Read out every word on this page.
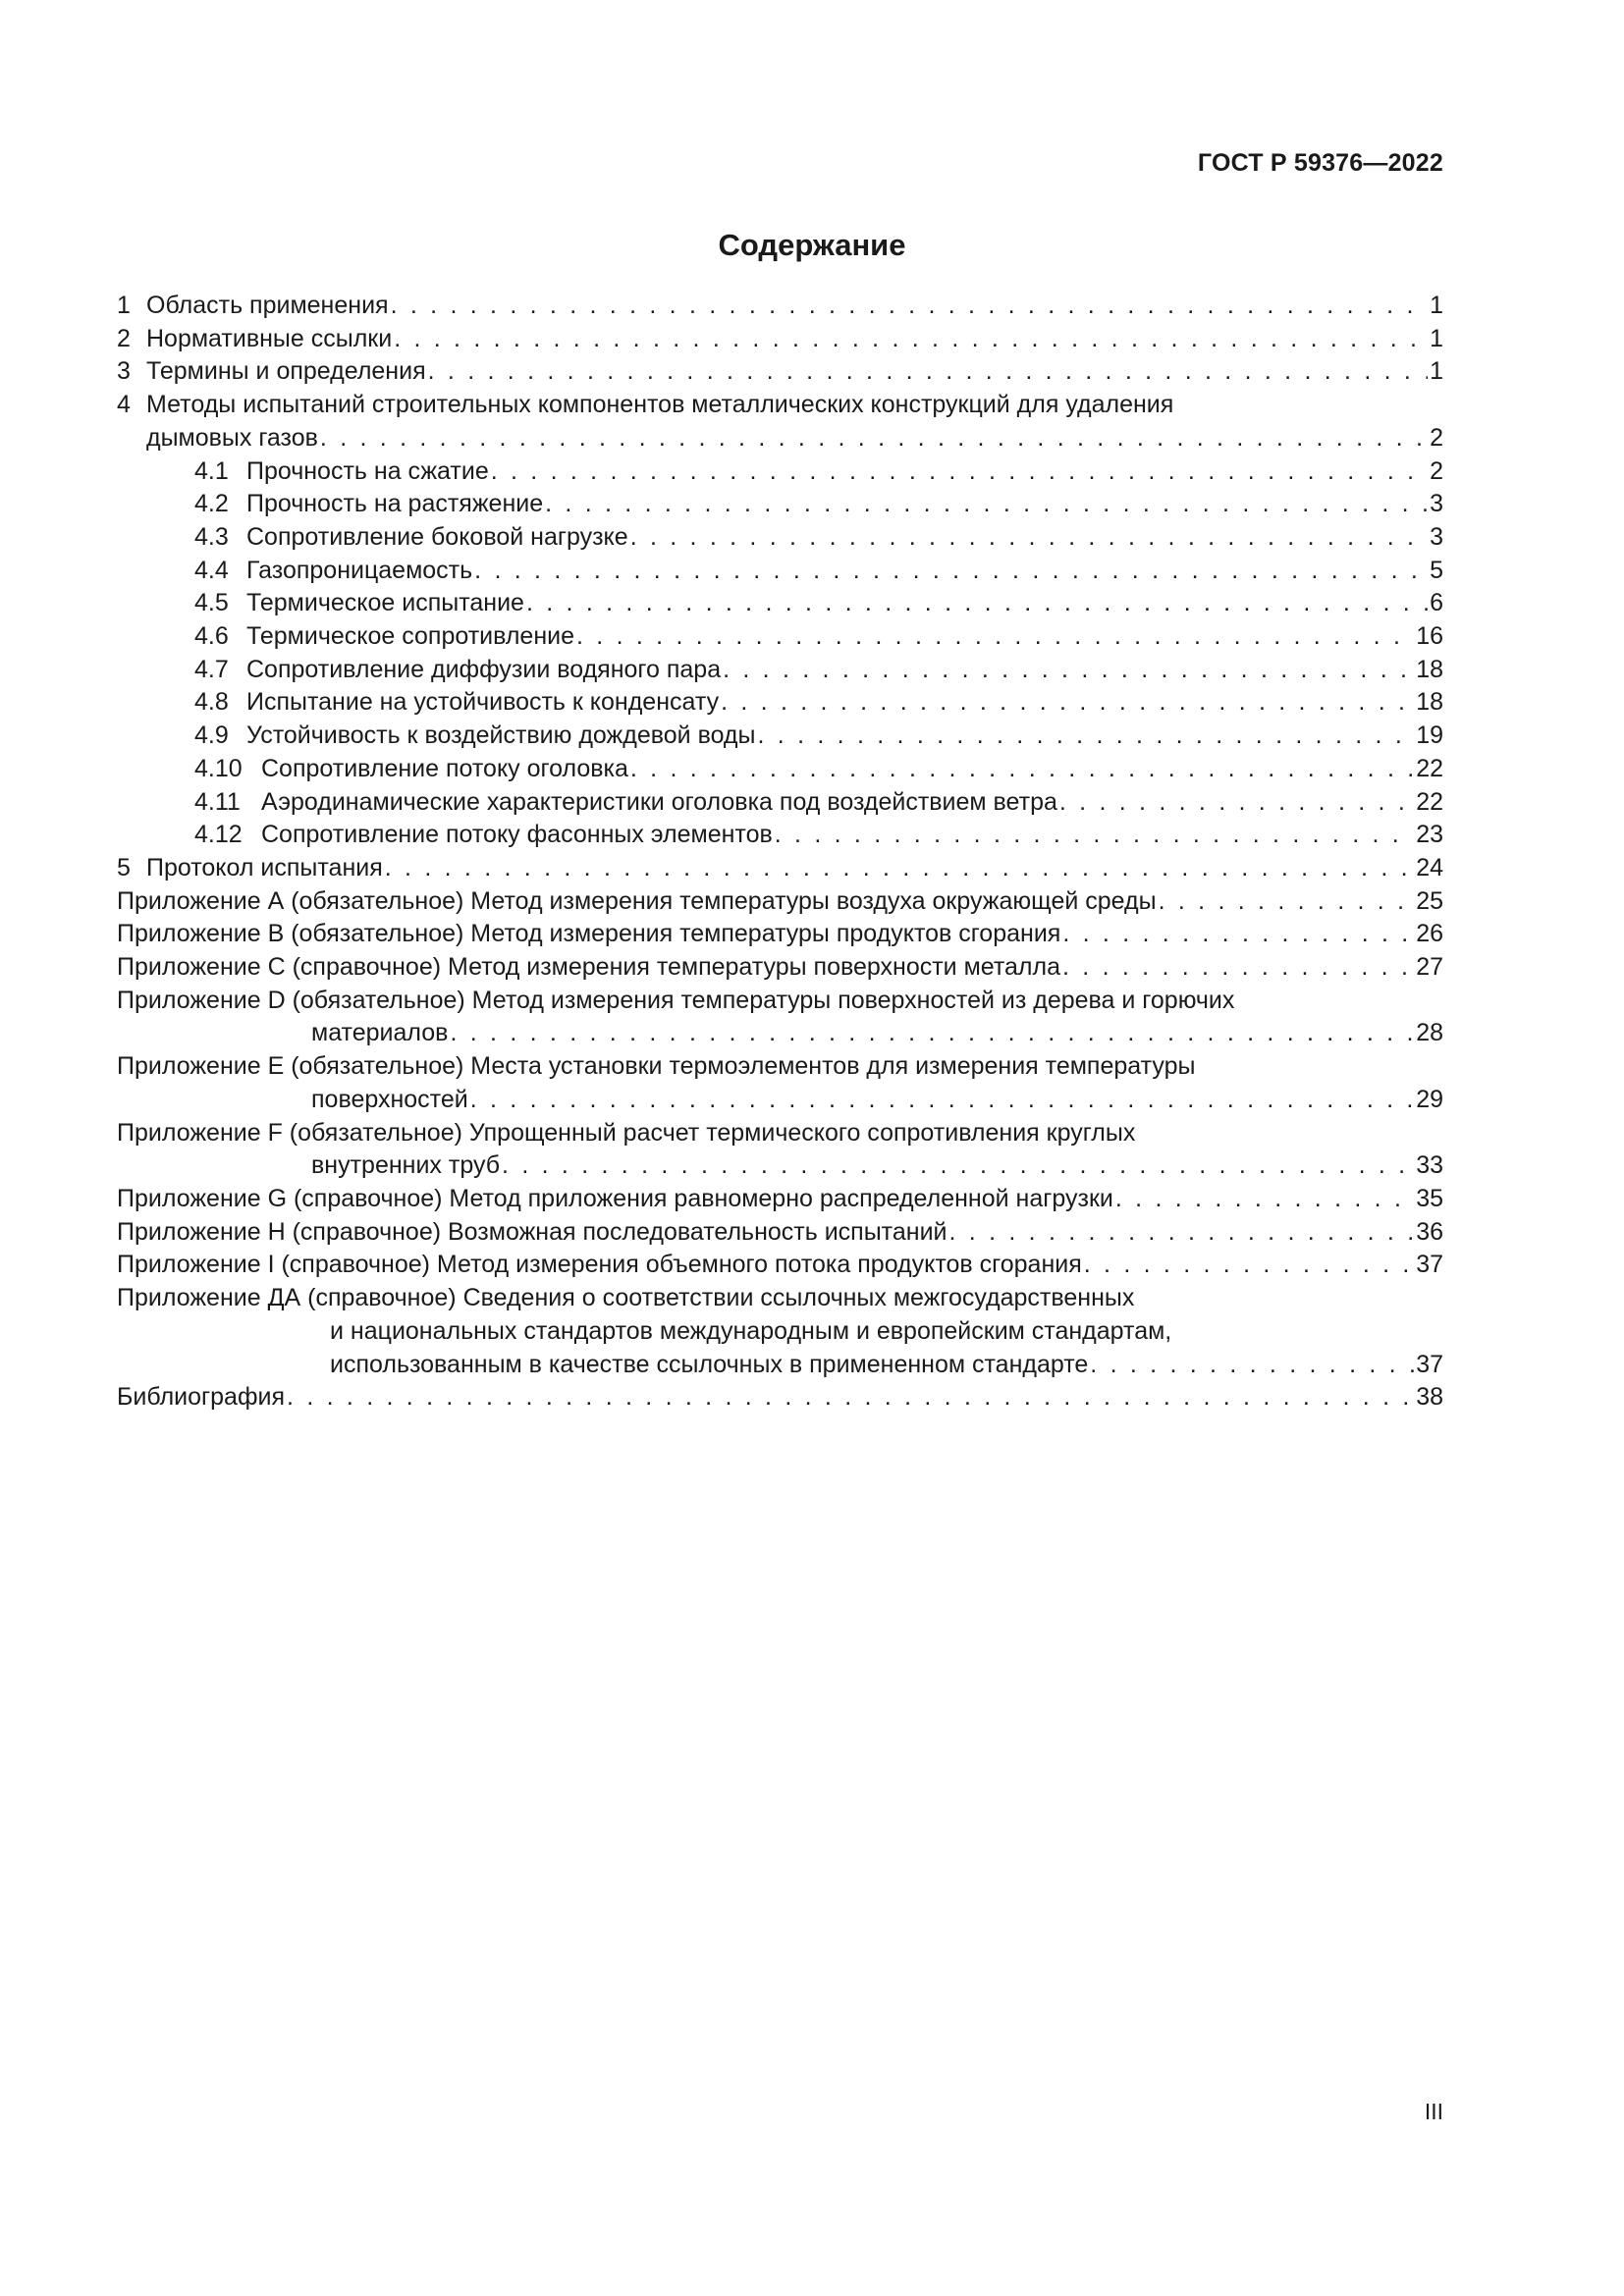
ГОСТ Р 59376—2022
Содержание
1 Область применения . . .	1
2 Нормативные ссылки . . .	1
3 Термины и определения . . .	1
4 Методы испытаний строительных компонентов металлических конструкций для удаления
дымовых газов . . .	2
4.1 Прочность на сжатие . . .	2
4.2 Прочность на растяжение . . .	3
4.3 Сопротивление боковой нагрузке . . .	3
4.4 Газопроницаемость . . .	5
4.5 Термическое испытание . . .	6
4.6 Термическое сопротивление . . .	16
4.7 Сопротивление диффузии водяного пара . . .	18
4.8 Испытание на устойчивость к конденсату . . .	18
4.9 Устойчивость к воздействию дождевой воды . . .	19
4.10 Сопротивление потоку оголовка . . .	22
4.11 Аэродинамические характеристики оголовка под воздействием ветра . . .	22
4.12 Сопротивление потоку фасонных элементов . . .	23
5 Протокол испытания . . .	24
Приложение А (обязательное) Метод измерения температуры воздуха окружающей среды . . .	25
Приложение В (обязательное) Метод измерения температуры продуктов сгорания . . .	26
Приложение С (справочное) Метод измерения температуры поверхности металла . . .	27
Приложение D (обязательное) Метод измерения температуры поверхностей из дерева и горючих
материалов . . .	28
Приложение Е (обязательное) Места установки термоэлементов для измерения температуры
поверхностей . . .	29
Приложение F (обязательное) Упрощенный расчет термического сопротивления круглых
внутренних труб . . .	33
Приложение G (справочное) Метод приложения равномерно распределенной нагрузки . . .	35
Приложение Н (справочное) Возможная последовательность испытаний . . .	36
Приложение I (справочное) Метод измерения объемного потока продуктов сгорания . . .	37
Приложение ДА (справочное) Сведения о соответствии ссылочных межгосударственных
и национальных стандартов международным и европейским стандартам,
использованным в качестве ссылочных в примененном стандарте . . .	37
Библиография . . .	38
III
